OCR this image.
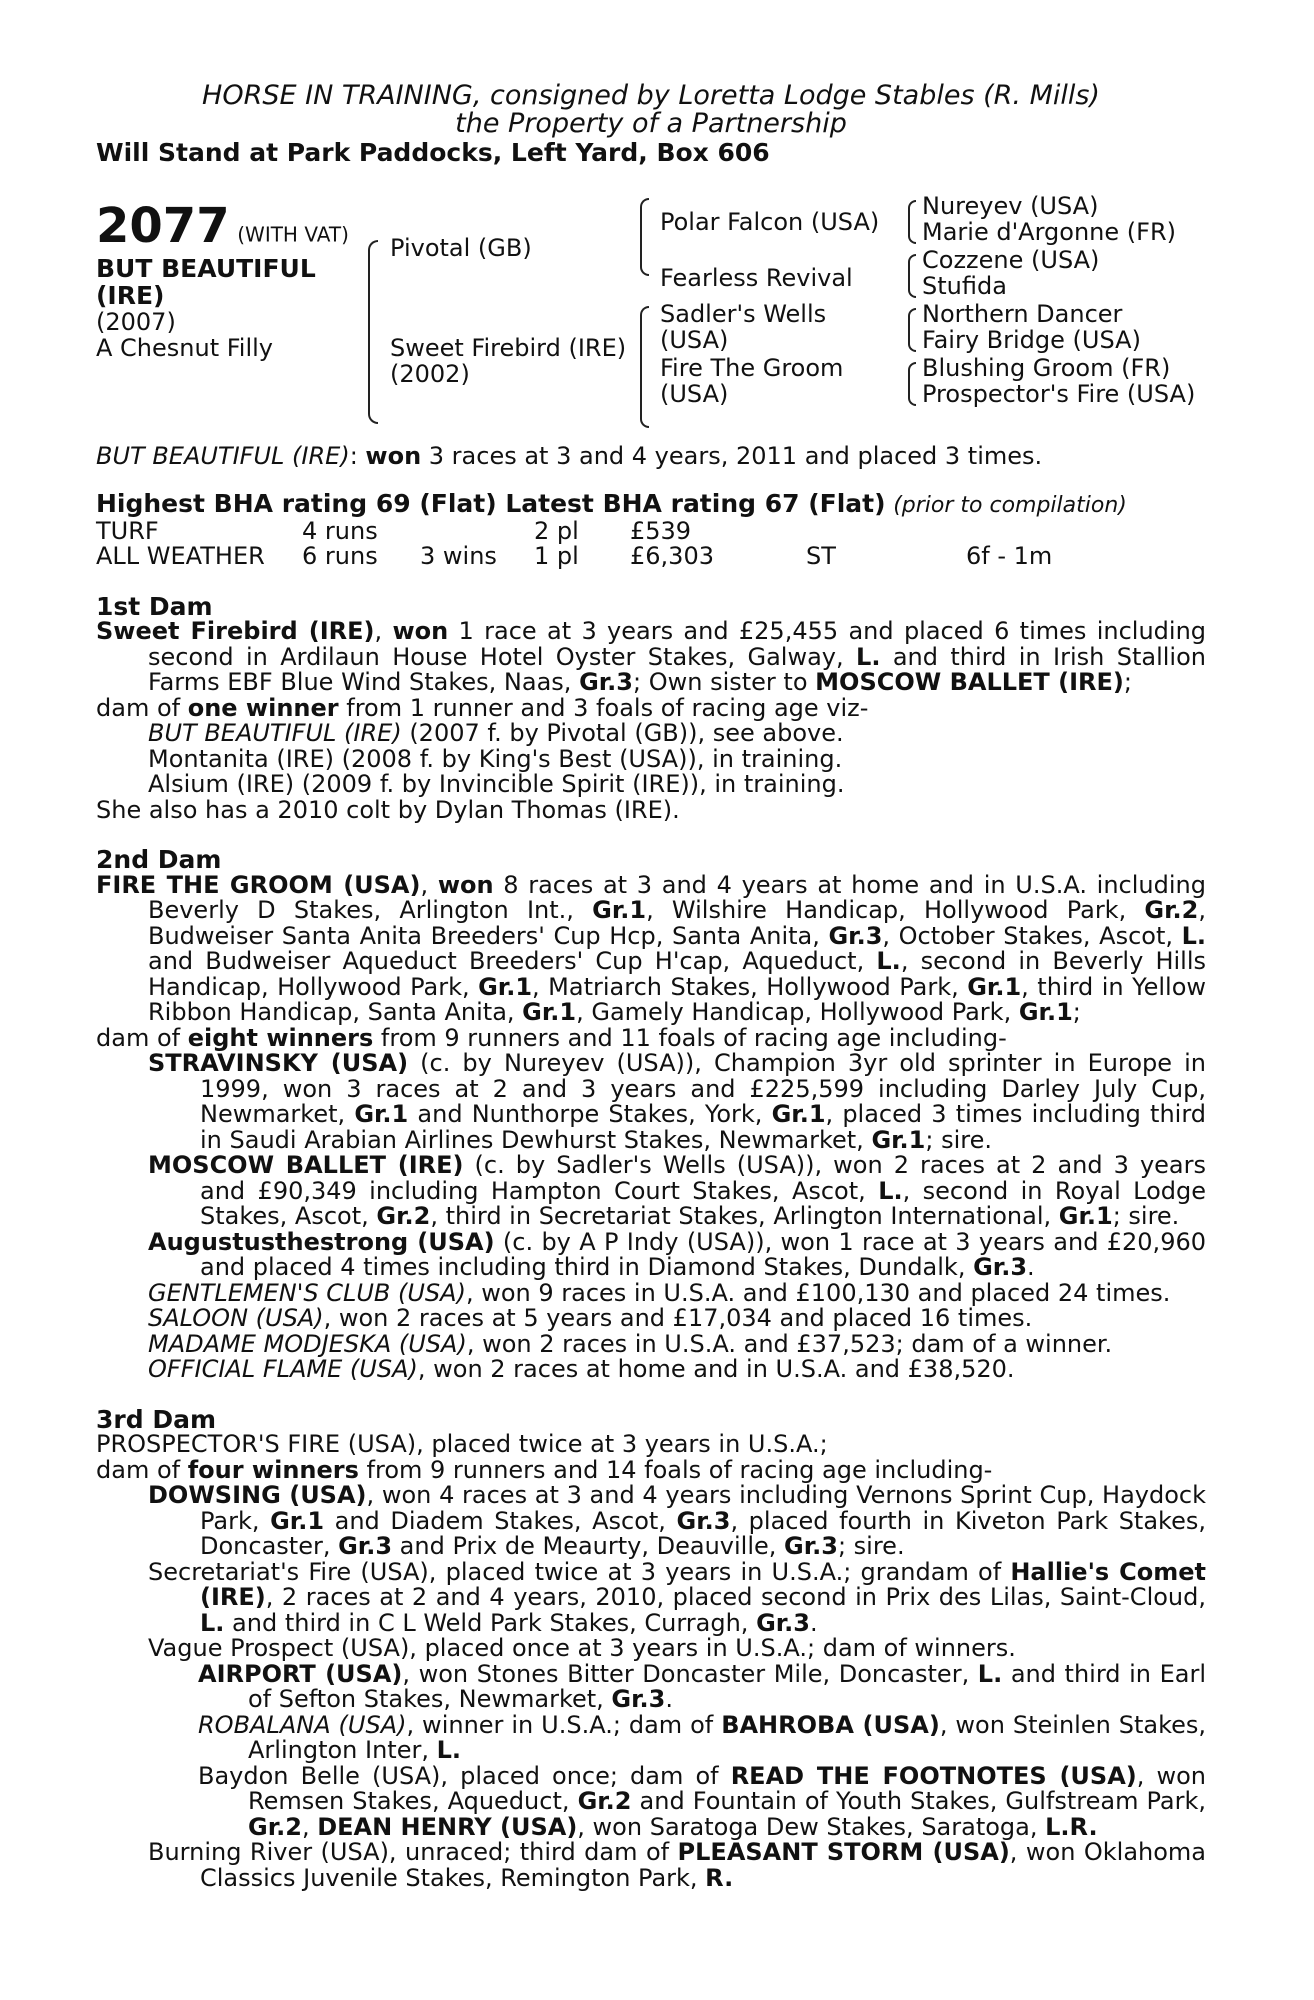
HORSE IN TRAINING, consigned by Loretta Lodge Stables (R. Mills)
the Property of a Partnership
Will Stand at Park Paddocks, Left Yard, Box 606
2077 (WITH VAT)
BUT BEAUTIFUL
(IRE)
(2007)
A Chesnut Filly
Pivotal (GB)
Sweet Firebird (IRE)
(2002)
Polar Falcon (USA)
Fearless Revival
Sadler's Wells
(USA)
Fire The Groom
(USA)
Nureyev (USA)
Marie d'Argonne (FR)
Cozzene (USA)
Stufida
Northern Dancer
Fairy Bridge (USA)
Blushing Groom (FR)
Prospector's Fire (USA)

BUT BEAUTIFUL (IRE): won 3 races at 3 and 4 years, 2011 and placed 3 times.

Highest BHA rating 69 (Flat) Latest BHA rating 67 (Flat) (prior to compilation)
TURF	4 runs	2 pl £539
ALL WEATHER 6 runs 3 wins 1 pl £6,303	ST	6f - 1m
1st Dam

Sweet Firebird (IRE), won 1 race at 3 years and £25,455 and placed 6 times including second in Ardilaun House Hotel Oyster Stakes, Galway, L. and third in Irish Stallion Farms EBF Blue Wind Stakes, Naas, Gr.3; Own sister to MOSCOW BALLET (IRE);

dam of one winner from 1 runner and 3 foals of racing age viz-

BUT BEAUTIFUL (IRE) (2007 f. by Pivotal (GB)), see above.

Montanita (IRE) (2008 f. by King's Best (USA)), in training.

Alsium (IRE) (2009 f. by Invincible Spirit (IRE)), in training.

She also has a 2010 colt by Dylan Thomas (IRE).

2nd Dam

FIRE THE GROOM (USA), won 8 races at 3 and 4 years at home and in U.S.A. including Beverly D Stakes, Arlington Int., Gr.1, Wilshire Handicap, Hollywood Park, Gr.2, Budweiser Santa Anita Breeders' Cup Hcp, Santa Anita, Gr.3, October Stakes, Ascot, L. and Budweiser Aqueduct Breeders' Cup H'cap, Aqueduct, L., second in Beverly Hills Handicap, Hollywood Park, Gr.1, Matriarch Stakes, Hollywood Park, Gr.1, third in Yellow Ribbon Handicap, Santa Anita, Gr.1, Gamely Handicap, Hollywood Park, Gr.1;

dam of eight winners from 9 runners and 11 foals of racing age including-

STRAVINSKY (USA) (c. by Nureyev (USA)), Champion 3yr old sprinter in Europe in 1999, won 3 races at 2 and 3 years and £225,599 including Darley July Cup, Newmarket, Gr.1 and Nunthorpe Stakes, York, Gr.1, placed 3 times including third in Saudi Arabian Airlines Dewhurst Stakes, Newmarket, Gr.1; sire.

MOSCOW BALLET (IRE) (c. by Sadler's Wells (USA)), won 2 races at 2 and 3 years and £90,349 including Hampton Court Stakes, Ascot, L., second in Royal Lodge Stakes, Ascot, Gr.2, third in Secretariat Stakes, Arlington International, Gr.1; sire.

Augustusthestrong (USA) (c. by A P Indy (USA)), won 1 race at 3 years and £20,960 and placed 4 times including third in Diamond Stakes, Dundalk, Gr.3.

GENTLEMEN'S CLUB (USA), won 9 races in U.S.A. and £100,130 and placed 24 times.

SALOON (USA), won 2 races at 5 years and £17,034 and placed 16 times.

MADAME MODJESKA (USA), won 2 races in U.S.A. and £37,523; dam of a winner.

OFFICIAL FLAME (USA), won 2 races at home and in U.S.A. and £38,520.

3rd Dam

PROSPECTOR'S FIRE (USA), placed twice at 3 years in U.S.A.;

dam of four winners from 9 runners and 14 foals of racing age including-

DOWSING (USA), won 4 races at 3 and 4 years including Vernons Sprint Cup, Haydock Park, Gr.1 and Diadem Stakes, Ascot, Gr.3, placed fourth in Kiveton Park Stakes, Doncaster, Gr.3 and Prix de Meaurty, Deauville, Gr.3; sire.

Secretariat's Fire (USA), placed twice at 3 years in U.S.A.; grandam of Hallie's Comet (IRE), 2 races at 2 and 4 years, 2010, placed second in Prix des Lilas, Saint-Cloud, L. and third in C L Weld Park Stakes, Curragh, Gr.3.

Vague Prospect (USA), placed once at 3 years in U.S.A.; dam of winners.

AIRPORT (USA), won Stones Bitter Doncaster Mile, Doncaster, L. and third in Earl of Sefton Stakes, Newmarket, Gr.3.

ROBALANA (USA), winner in U.S.A.; dam of BAHROBA (USA), won Steinlen Stakes, Arlington Inter, L.

Baydon Belle (USA), placed once; dam of READ THE FOOTNOTES (USA), won Remsen Stakes, Aqueduct, Gr.2 and Fountain of Youth Stakes, Gulfstream Park, Gr.2, DEAN HENRY (USA), won Saratoga Dew Stakes, Saratoga, L.R.

Burning River (USA), unraced; third dam of PLEASANT STORM (USA), won Oklahoma Classics Juvenile Stakes, Remington Park, R.
